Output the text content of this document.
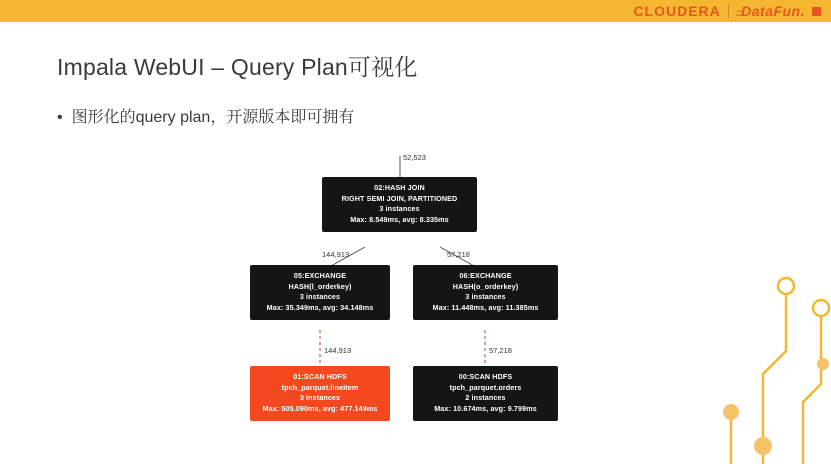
CLOUDERA ::DataFun.
Impala WebUI – Query Plan可视化
• 图形化的query plan，开源版本即可拥有
52,523
144,913	57,218
144,913	57,218
02:HASH JOIN
RIGHT SEMI JOIN, PARTITIONED
3 instances
Max: 8.549ms, avg: 8.335ms
05:EXCHANGE
HASH(l_orderkey)
3 instances
Max: 35.349ms, avg: 34.148ms
06:EXCHANGE
HASH(o_orderkey)
3 instances
Max: 11.448ms, avg: 11.385ms
01:SCAN HDFS
tpch_parquet.lineitem
3 instances
Max: 505.090ms, avg: 477.149ms
00:SCAN HDFS
tpch_parquet.orders
2 instances
Max: 10.674ms, avg: 9.799ms
